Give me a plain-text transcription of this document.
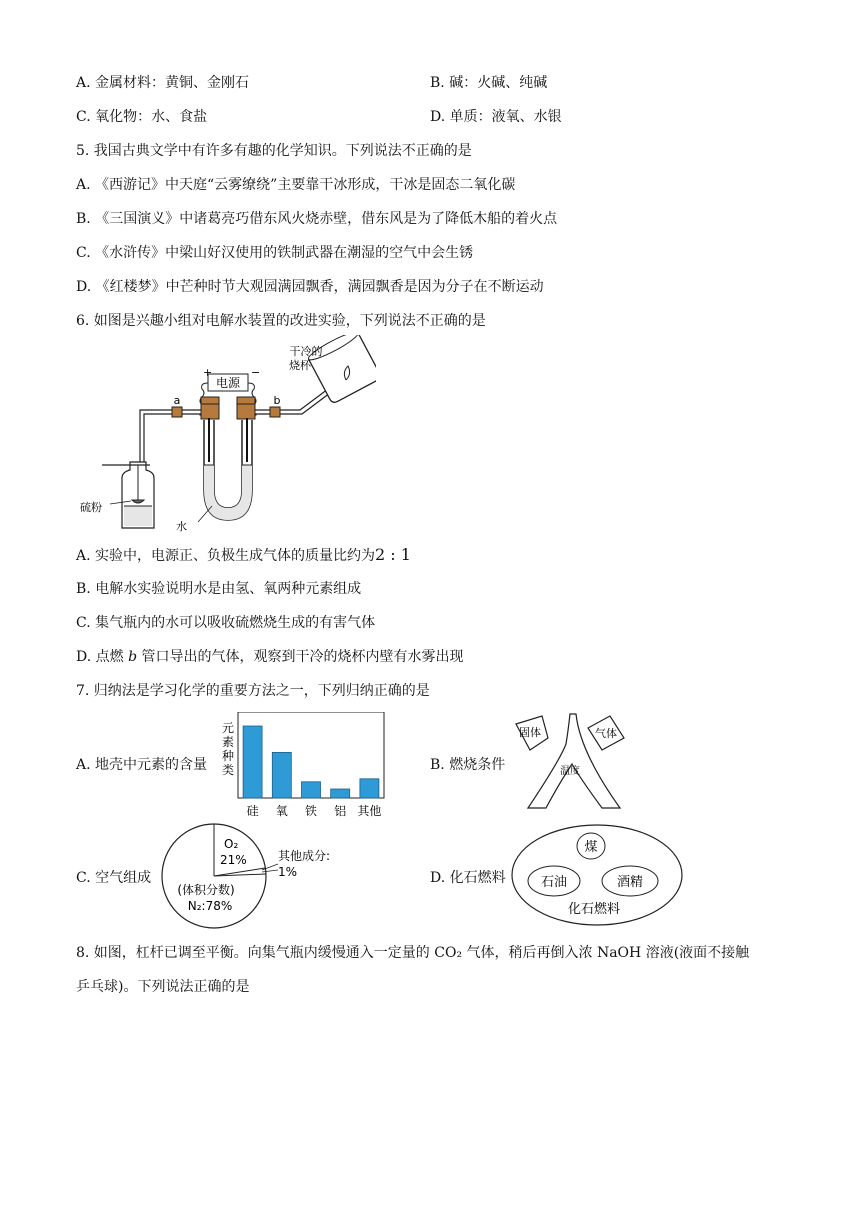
A. 金属材料：黄铜、金刚石	B. 碱：火碱、纯碱
C. 氧化物：水、食盐	D. 单质：液氧、水银
5. 我国古典文学中有许多有趣的化学知识。下列说法不正确的是
A. 《西游记》中天庭“云雾缭绕”主要靠干冰形成，干冰是固态二氧化碳
B. 《三国演义》中诸葛亮巧借东风火烧赤壁，借东风是为了降低木船的着火点
C. 《水浒传》中梁山好汉使用的铁制武器在潮湿的空气中会生锈
D. 《红楼梦》中芒种时节大观园满园飘香，满园飘香是因为分子在不断运动
6. 如图是兴趣小组对电解水装置的改进实验，下列说法不正确的是
电源
+	−
a	b
干冷的
烧杯
硫粉
水
A. 实验中，电源正、负极生成气体的质量比约为2 : 1
B. 电解水实验说明水是由氢、氧两种元素组成
C. 集气瓶内的水可以吸收硫燃烧生成的有害气体
D. 点燃 b 管口导出的气体，观察到干冷的烧杯内壁有水雾出现
7. 归纳法是学习化学的重要方法之一，下列归纳正确的是
A. 地壳中元素的含量
元
素
种
类
硅 氧 铁 铝 其他
B. 燃烧条件
固体	气体
温度
C. 空气组成
O₂
21%	其他成分:
1%
(体积分数)
N₂:78%
D. 化石燃料
煤
石油	酒精
化石燃料
8. 如图，杠杆已调至平衡。向集气瓶内缓慢通入一定量的 CO₂ 气体，稍后再倒入浓 NaOH 溶液(液面不接触
乒乓球)。下列说法正确的是
